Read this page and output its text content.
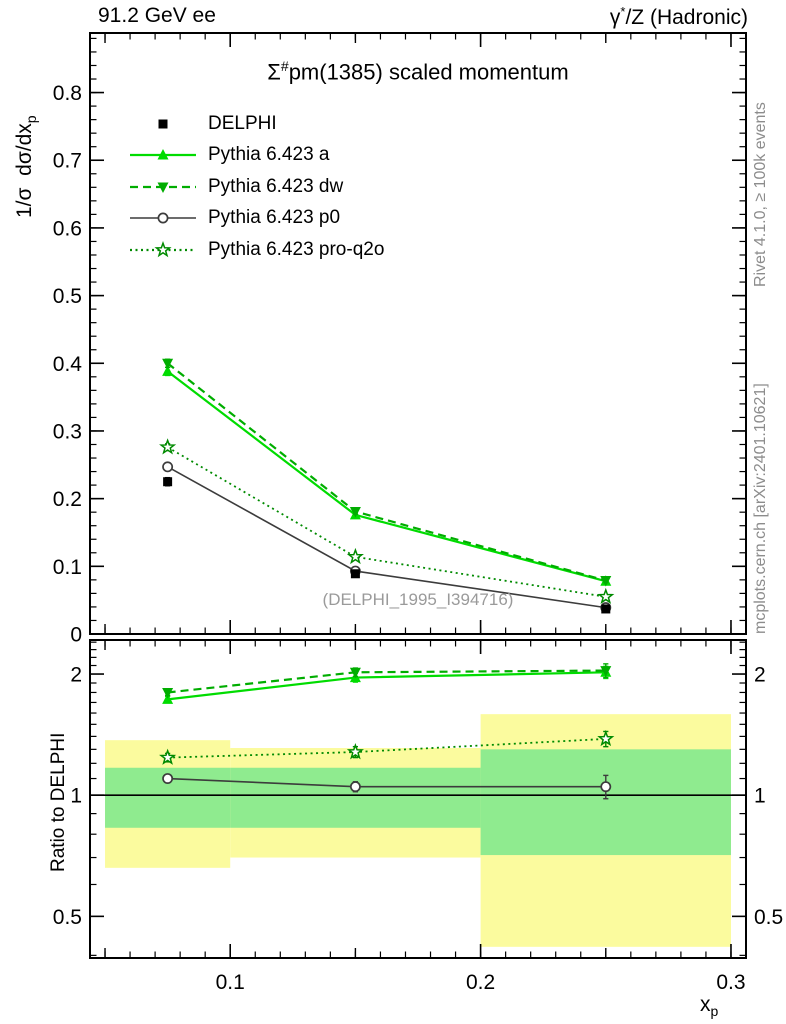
0
0.1
0.2
0.3
0.4
0.5
0.6
0.7
0.8
0.5	0.5
1	1
2	2
0.1	0.2	0.3
91.2 GeV ee	γ*/Z (Hadronic)
Σ#pm(1385) scaled momentum
DELPHI
Pythia 6.423 a
Pythia 6.423 dw
Pythia 6.423 p0
Pythia 6.423 pro-q2o
1/σ  $d\sigma/dx_p$
Ratio to DELPHI
Rivet 4.1.0, ≥ 100k events
mcplots.cern.ch [arXiv:2401.10621]
(DELPHI_1995_I394716)
$x_p$
